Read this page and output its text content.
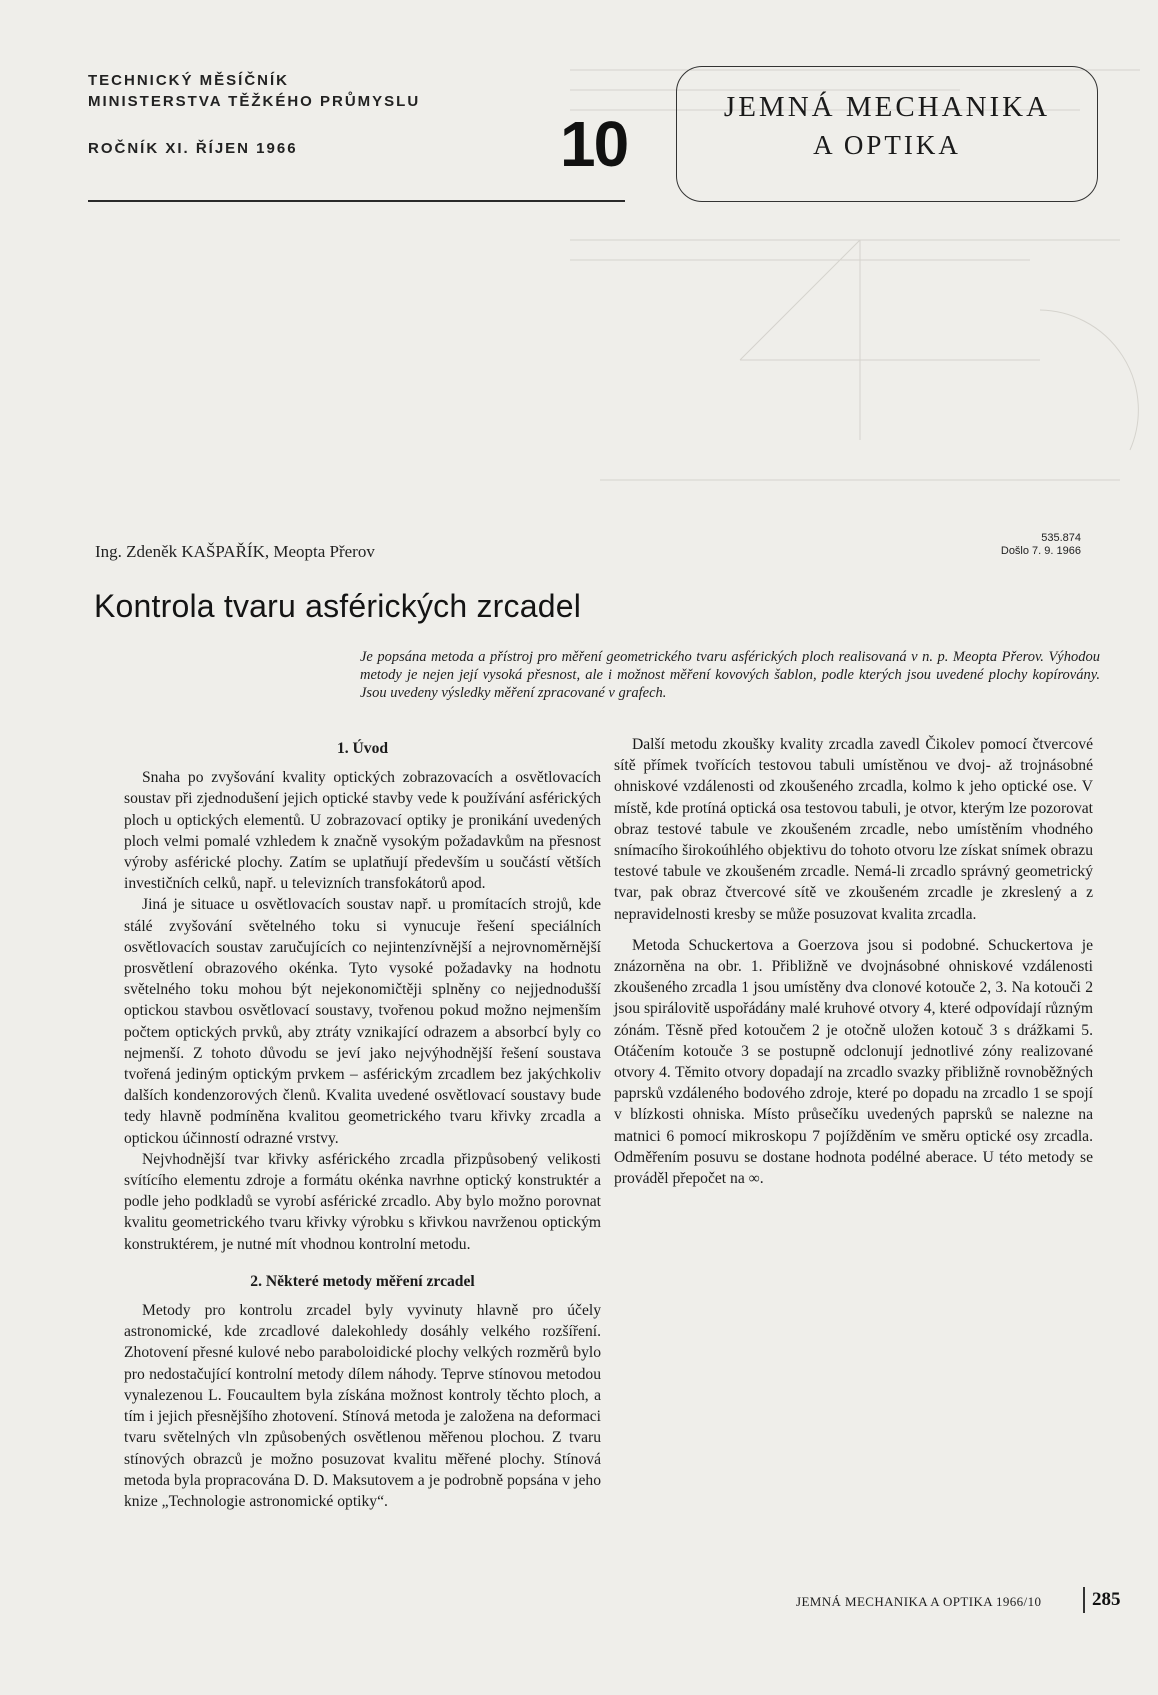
TECHNICKÝ MĚSÍČNÍK
MINISTERSTVA TĚŽKÉHO PRŮMYSLU
ROČNÍK XI. ŘÍJEN 1966	10
JEMNÁ MECHANIKA
A OPTIKA
Ing. Zdeněk KAŠPAŘÍK, Meopta Přerov
535.874
Došlo 7. 9. 1966
Kontrola tvaru asférických zrcadel
Je popsána metoda a přístroj pro měření geometrického tvaru asférických ploch realisovaná v n. p. Meopta Přerov. Výhodou metody je nejen její vysoká přesnost, ale i možnost měření kovových šablon, podle kterých jsou uvedené plochy kopírovány. Jsou uvedeny výsledky měření zpracované v grafech.
1. Úvod

Snaha po zvyšování kvality optických zobrazovacích a osvětlovacích soustav při zjednodušení jejich optické stavby vede k používání asférických ploch u optických elementů. U zobrazovací optiky je pronikání uvedených ploch velmi pomalé vzhledem k značně vysokým požadavkům na přesnost výroby asférické plochy. Zatím se uplatňují především u součástí větších investičních celků, např. u televizních transfokátorů apod.

Jiná je situace u osvětlovacích soustav např. u promítacích strojů, kde stálé zvyšování světelného toku si vynucuje řešení speciálních osvětlovacích soustav zaručujících co nejintenzívnější a nejrovnoměrnější prosvětlení obrazového okénka. Tyto vysoké požadavky na hodnotu světelného toku mohou být nejekonomičtěji splněny co nejjednodušší optickou stavbou osvětlovací soustavy, tvořenou pokud možno nejmenším počtem optických prvků, aby ztráty vznikající odrazem a absorbcí byly co nejmenší. Z tohoto důvodu se jeví jako nejvýhodnější řešení soustava tvořená jediným optickým prvkem – asférickým zrcadlem bez jakýchkoliv dalších kondenzorových členů. Kvalita uvedené osvětlovací soustavy bude tedy hlavně podmíněna kvalitou geometrického tvaru křivky zrcadla a optickou účinností odrazné vrstvy.

Nejvhodnější tvar křivky asférického zrcadla přizpůsobený velikosti svítícího elementu zdroje a formátu okénka navrhne optický konstruktér a podle jeho podkladů se vyrobí asférické zrcadlo. Aby bylo možno porovnat kvalitu geometrického tvaru křivky výrobku s křivkou navrženou optickým konstruktérem, je nutné mít vhodnou kontrolní metodu.

2. Některé metody měření zrcadel

Metody pro kontrolu zrcadel byly vyvinuty hlavně pro účely astronomické, kde zrcadlové dalekohledy dosáhly velkého rozšíření. Zhotovení přesné kulové nebo paraboloidické plochy velkých rozměrů bylo pro nedostačující kontrolní metody dílem náhody. Teprve stínovou metodou vynalezenou L. Foucaultem byla získána možnost kontroly těchto ploch, a tím i jejich přesnějšího zhotovení. Stínová metoda je založena na deformaci tvaru světelných vln způsobených osvětlenou měřenou plochou. Z tvaru stínových obrazců je možno posuzovat kvalitu měřené plochy. Stínová metoda byla propracována D. D. Maksutovem a je podrobně popsána v jeho knize „Technologie astronomické optiky“.

Další metodu zkoušky kvality zrcadla zavedl Čikolev pomocí čtvercové sítě přímek tvořících testovou tabuli umístěnou ve dvoj- až trojnásobné ohniskové vzdálenosti od zkoušeného zrcadla, kolmo k jeho optické ose. V místě, kde protíná optická osa testovou tabuli, je otvor, kterým lze pozorovat obraz testové tabule ve zkoušeném zrcadle, nebo umístěním vhodného snímacího širokoúhlého objektivu do tohoto otvoru lze získat snímek obrazu testové tabule ve zkoušeném zrcadle. Nemá-li zrcadlo správný geometrický tvar, pak obraz čtvercové sítě ve zkoušeném zrcadle je zkreslený a z nepravidelnosti kresby se může posuzovat kvalita zrcadla.

Metoda Schuckertova a Goerzova jsou si podobné. Schuckertova je znázorněna na obr. 1. Přibližně ve dvojnásobné ohniskové vzdálenosti zkoušeného zrcadla 1 jsou umístěny dva clonové kotouče 2, 3. Na kotouči 2 jsou spirálovitě uspořádány malé kruhové otvory 4, které odpovídají různým zónám. Těsně před kotoučem 2 je otočně uložen kotouč 3 s drážkami 5. Otáčením kotouče 3 se postupně odclonují jednotlivé zóny realizované otvory 4. Těmito otvory dopadají na zrcadlo svazky přibližně rovnoběžných paprsků vzdáleného bodového zdroje, které po dopadu na zrcadlo 1 se spojí v blízkosti ohniska. Místo průsečíku uvedených paprsků se nalezne na matnici 6 pomocí mikroskopu 7 pojížděním ve směru optické osy zrcadla. Odměřením posuvu se dostane hodnota podélné aberace. U této metody se prováděl přepočet na ∞.

JEMNÁ MECHANIKA A OPTIKA 1966/10	285
